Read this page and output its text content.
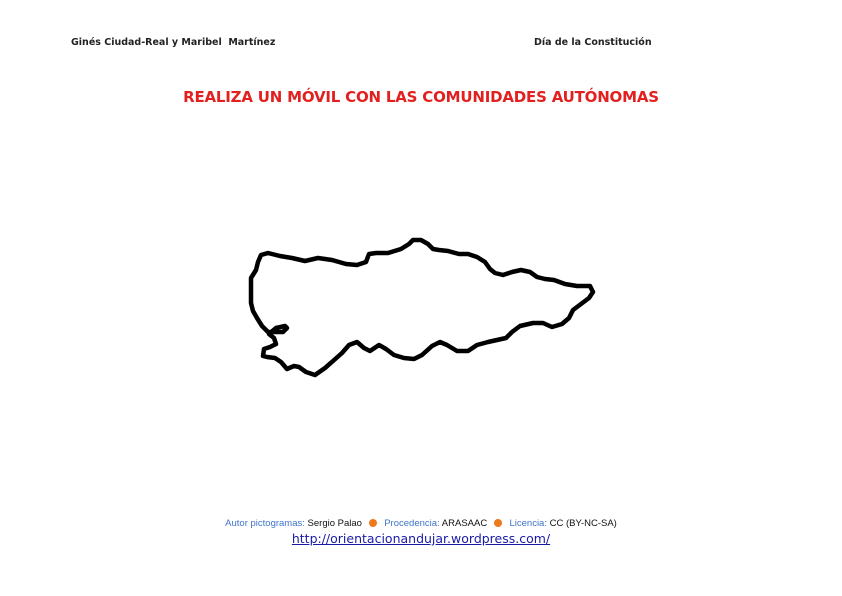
Ginés Ciudad-Real y Maribel  Martínez	Día de la Constitución
REALIZA UN MÓVIL CON LAS COMUNIDADES AUTÓNOMAS
Autor pictogramas: Sergio Palao Procedencia: ARASAAC Licencia: CC (BY-NC-SA)
http://orientacionandujar.wordpress.com/
